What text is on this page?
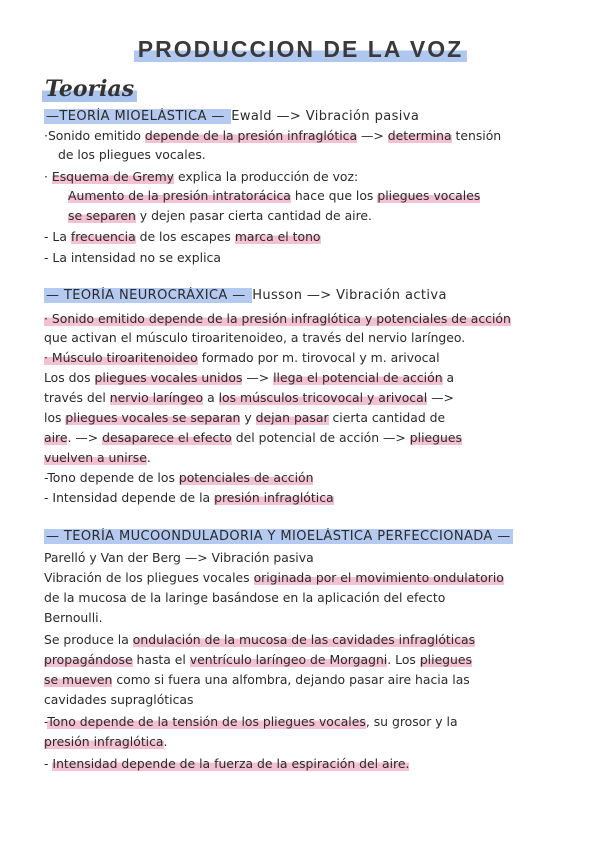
PRODUCCION DE LA VOZ
Teorias
—TEORÍA MIOELÁSTICA — Ewald —> Vibración pasiva
·Sonido emitido depende de la presión infraglótica —> determina tensión
de los pliegues vocales.
· Esquema de Gremy explica la producción de voz:
Aumento de la presión intratorácica hace que los pliegues vocales
se separen y dejen pasar cierta cantidad de aire.
- La frecuencia de los escapes marca el tono
- La intensidad no se explica
— TEORÍA NEUROCRÁXICA — Husson —> Vibración activa
· Sonido emitido depende de la presión infraglótica y potenciales de acción
que activan el músculo tiroaritenoideo, a través del nervio laríngeo.
· Músculo tiroaritenoideo formado por m. tirovocal y m. arivocal
Los dos pliegues vocales unidos —> llega el potencial de acción a
través del nervio laríngeo a los músculos tricovocal y arivocal —>
los pliegues vocales se separan y dejan pasar cierta cantidad de
aire. —> desaparece el efecto del potencial de acción —> pliegues
vuelven a unirse.
-Tono depende de los potenciales de acción
- Intensidad depende de la presión infraglótica
— TEORÍA MUCOONDULADORIA Y MIOELÁSTICA PERFECCIONADA —
Parelló y Van der Berg —> Vibración pasiva
Vibración de los pliegues vocales originada por el movimiento ondulatorio
de la mucosa de la laringe basándose en la aplicación del efecto
Bernoulli.
Se produce la ondulación de la mucosa de las cavidades infraglóticas
propagándose hasta el ventrículo laríngeo de Morgagni. Los pliegues
se mueven como si fuera una alfombra, dejando pasar aire hacia las
cavidades supraglóticas
-Tono depende de la tensión de los pliegues vocales, su grosor y la
presión infraglótica.
- Intensidad depende de la fuerza de la espiración del aire.
